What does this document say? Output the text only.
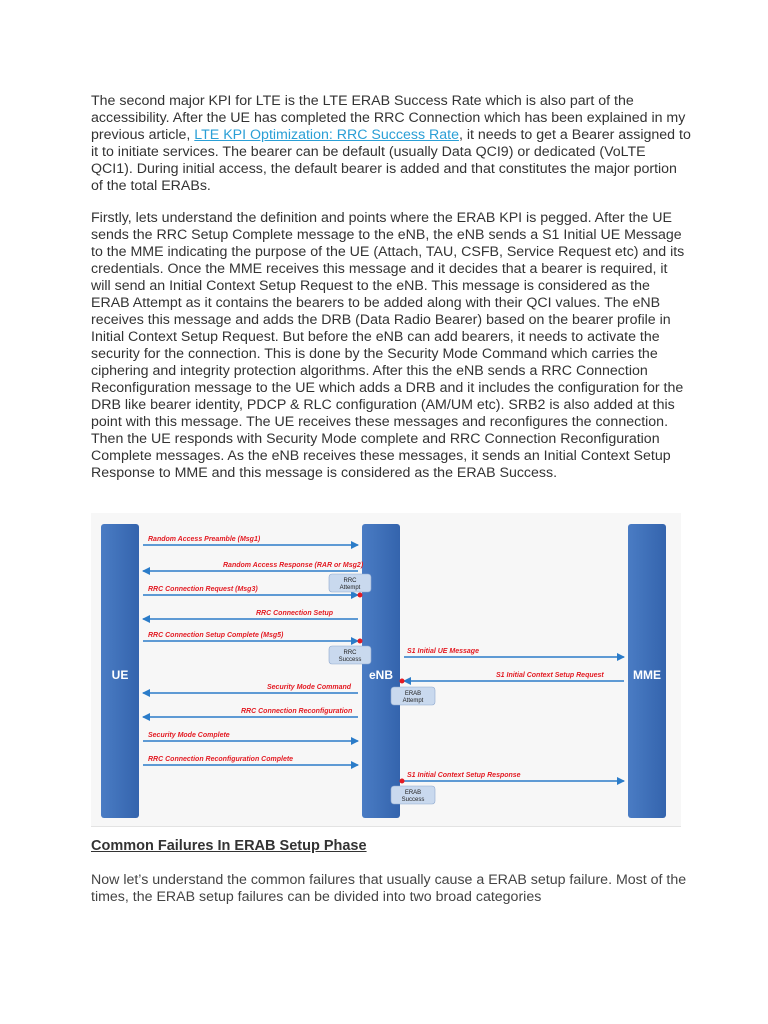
The second major KPI for LTE is the LTE ERAB Success Rate which is also part of the accessibility. After the UE has completed the RRC Connection which has been explained in my previous article, LTE KPI Optimization: RRC Success Rate, it needs to get a Bearer assigned to it to initiate services. The bearer can be default (usually Data QCI9) or dedicated (VoLTE QCI1). During initial access, the default bearer is added and that constitutes the major portion of the total ERABs.
Firstly, lets understand the definition and points where the ERAB KPI is pegged. After the UE sends the RRC Setup Complete message to the eNB, the eNB sends a S1 Initial UE Message to the MME indicating the purpose of the UE (Attach, TAU, CSFB, Service Request etc) and its credentials. Once the MME receives this message and it decides that a bearer is required, it will send an Initial Context Setup Request to the eNB. This message is considered as the ERAB Attempt as it contains the bearers to be added along with their QCI values. The eNB receives this message and adds the DRB (Data Radio Bearer) based on the bearer profile in Initial Context Setup Request. But before the eNB can add bearers, it needs to activate the security for the connection. This is done by the Security Mode Command which carries the ciphering and integrity protection algorithms. After this the eNB sends a RRC Connection Reconfiguration message to the UE which adds a DRB and it includes the configuration for the DRB like bearer identity, PDCP & RLC configuration (AM/UM etc). SRB2 is also added at this point with this message. The UE receives these messages and reconfigures the connection. Then the UE responds with Security Mode complete and RRC Connection Reconfiguration Complete messages. As the eNB receives these messages, it sends an Initial Context Setup Response to MME and this message is considered as the ERAB Success.
UE	eNB	MME
Random Access Preamble (Msg1)
Random Access Response (RAR or Msg2)
RRC Connection Request (Msg3)
RRC Connection Setup
RRC Connection Setup Complete (Msg5)
S1 Initial UE Message
S1 Initial Context Setup Request
Security Mode Command
RRC Connection Reconfiguration
Security Mode Complete
RRC Connection Reconfiguration Complete
S1 Initial Context Setup Response
RRC
Attempt
RRC
Success
ERAB
Attempt
ERAB
Success
Common Failures In ERAB Setup Phase
Now let’s understand the common failures that usually cause a ERAB setup failure. Most of the times, the ERAB setup failures can be divided into two broad categories
